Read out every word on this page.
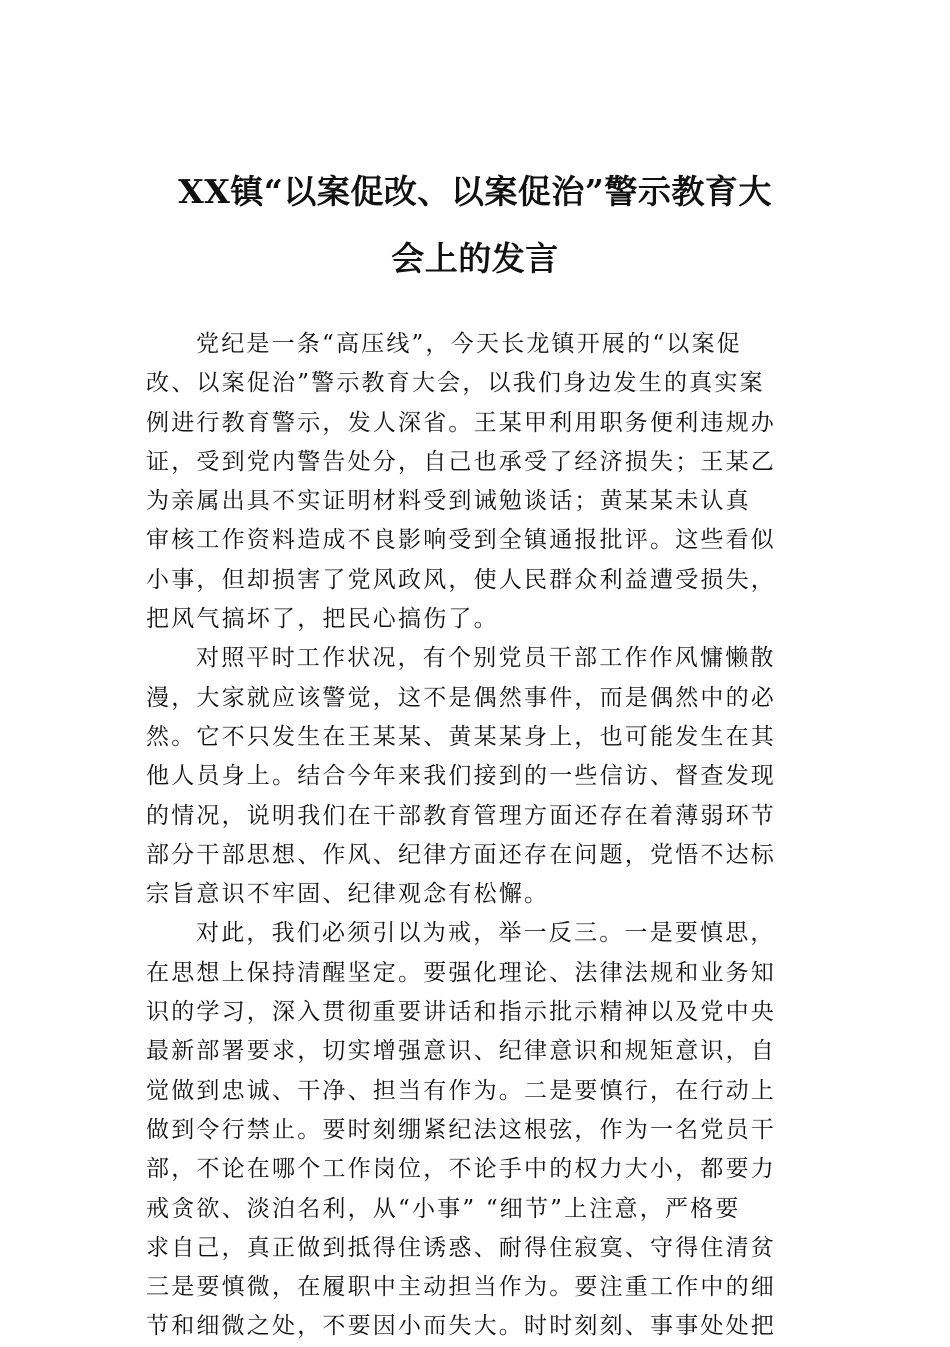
XX镇“以案促改、以案促治”警示教育大
会上的发言
党纪是一条“高压线”，今天长龙镇开展的“以案促
改、以案促治”警示教育大会，以我们身边发生的真实案
例进行教育警示，发人深省。王某甲利用职务便利违规办
证，受到党内警告处分，自己也承受了经济损失；王某乙
为亲属出具不实证明材料受到诫勉谈话；黄某某未认真
审核工作资料造成不良影响受到全镇通报批评。这些看似
小事，但却损害了党风政风，使人民群众利益遭受损失，
把风气搞坏了，把民心搞伤了。
对照平时工作状况，有个别党员干部工作作风慵懒散
漫，大家就应该警觉，这不是偶然事件，而是偶然中的必
然。它不只发生在王某某、黄某某身上，也可能发生在其
他人员身上。结合今年来我们接到的一些信访、督查发现
的情况，说明我们在干部教育管理方面还存在着薄弱环节
部分干部思想、作风、纪律方面还存在问题，党悟不达标
宗旨意识不牢固、纪律观念有松懈。
对此，我们必须引以为戒，举一反三。一是要慎思，
在思想上保持清醒坚定。要强化理论、法律法规和业务知
识的学习，深入贯彻重要讲话和指示批示精神以及党中央
最新部署要求，切实增强意识、纪律意识和规矩意识，自
觉做到忠诚、干净、担当有作为。二是要慎行，在行动上
做到令行禁止。要时刻绷紧纪法这根弦，作为一名党员干
部，不论在哪个工作岗位，不论手中的权力大小，都要力
戒贪欲、淡泊名利，从“小事” “细节”上注意，严格要
求自己，真正做到抵得住诱惑、耐得住寂寞、守得住清贫
三是要慎微，在履职中主动担当作为。要注重工作中的细
节和细微之处，不要因小而失大。时时刻刻、事事处处把
